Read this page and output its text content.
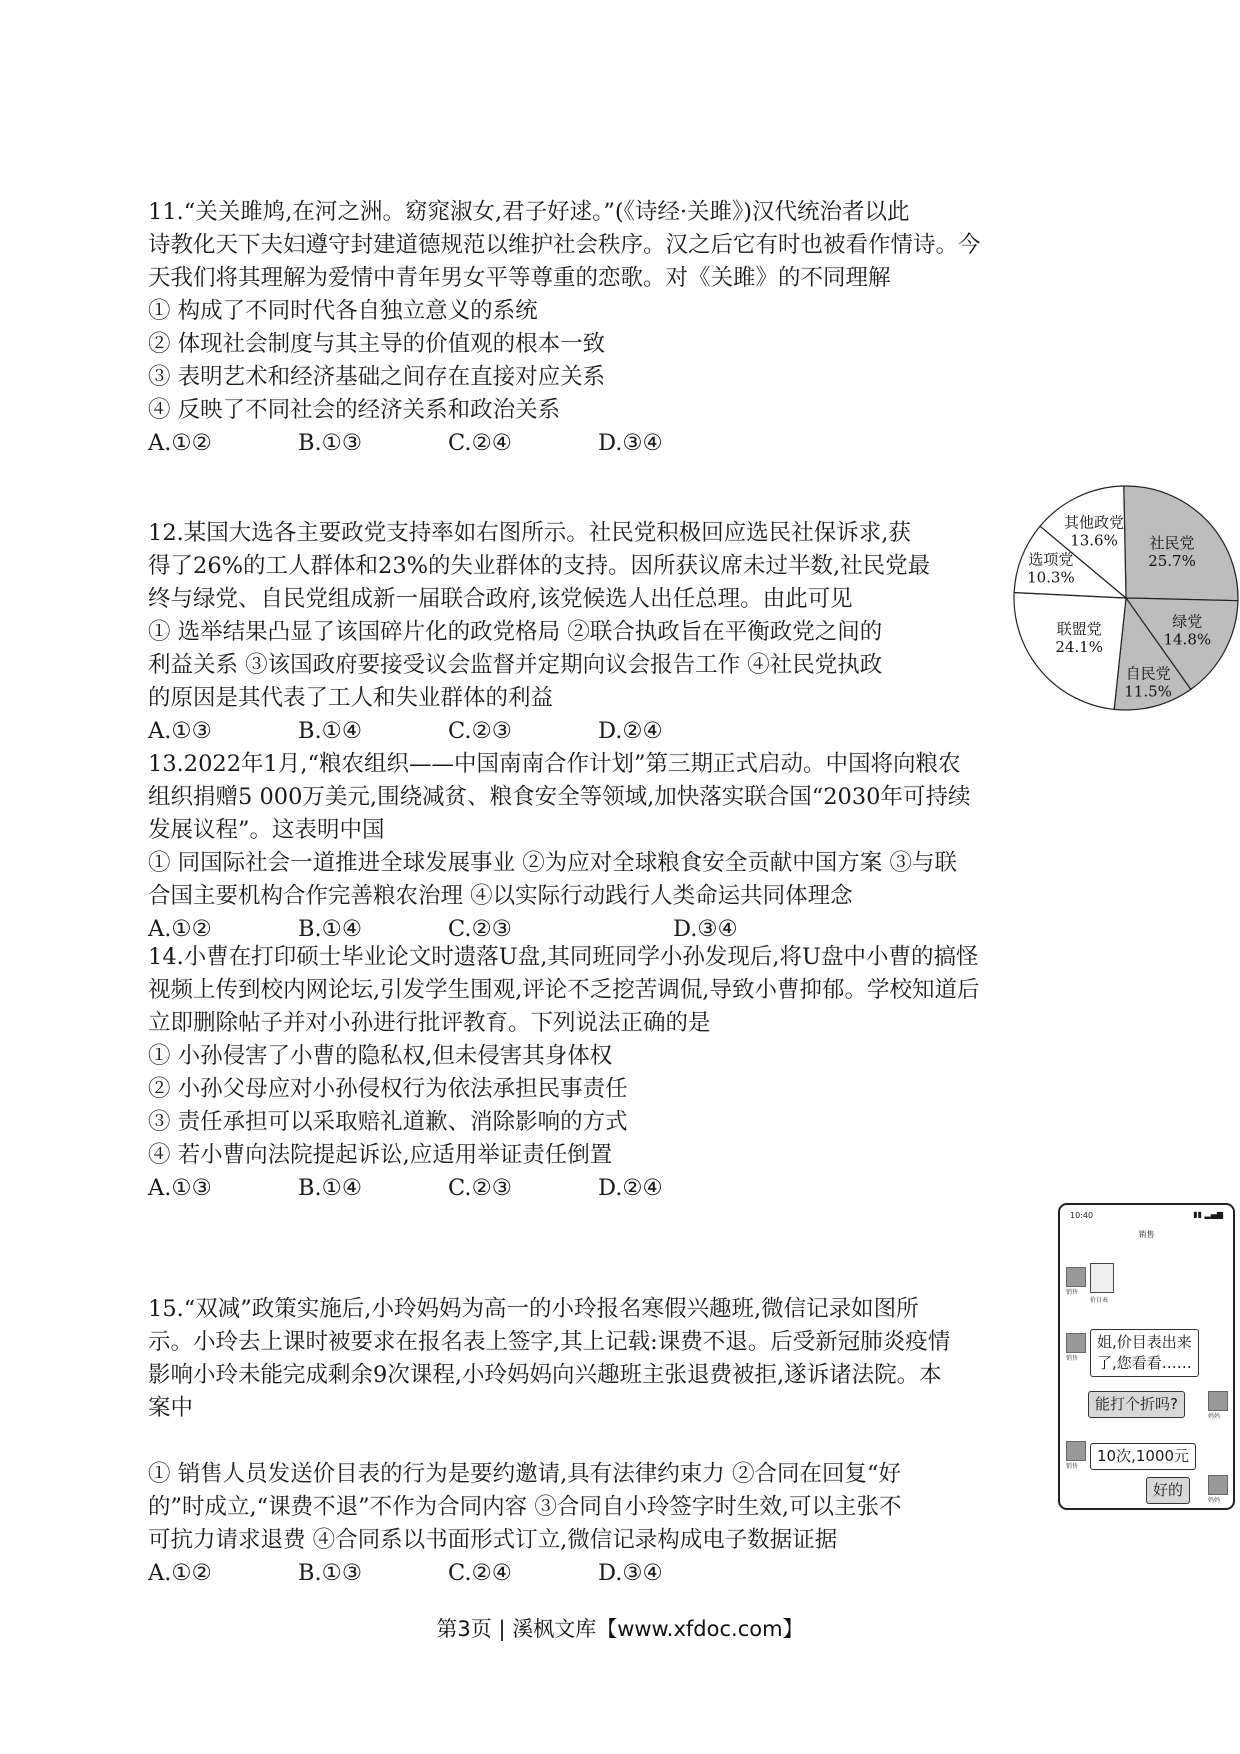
11.“关关雎鸠,在河之洲。窈窕淑女,君子好逑。”(《诗经·关雎》)汉代统治者以此

诗教化天下夫妇遵守封建道德规范以维护社会秩序。汉之后它有时也被看作情诗。今

天我们将其理解为爱情中青年男女平等尊重的恋歌。对《关雎》的不同理解

① 构成了不同时代各自独立意义的系统

② 体现社会制度与其主导的价值观的根本一致

③ 表明艺术和经济基础之间存在直接对应关系

④ 反映了不同社会的经济关系和政治关系

A.①②	B.①③	C.②④	D.③④

12.某国大选各主要政党支持率如右图所示。社民党积极回应选民社保诉求,获

得了26%的工人群体和23%的失业群体的支持。因所获议席未过半数,社民党最

终与绿党、自民党组成新一届联合政府,该党候选人出任总理。由此可见

① 选举结果凸显了该国碎片化的政党格局 ②联合执政旨在平衡政党之间的

利益关系 ③该国政府要接受议会监督并定期向议会报告工作 ④社民党执政

的原因是其代表了工人和失业群体的利益

A.①③	B.①④	C.②③	D.②④

社民党
25.7%
绿党
14.8%
自民党
11.5%
联盟党
24.1%
选项党
10.3%
其他政党
13.6%

13.2022年1月,“粮农组织——中国南南合作计划”第三期正式启动。中国将向粮农

组织捐赠5 000万美元,围绕减贫、粮食安全等领域,加快落实联合国“2030年可持续

发展议程”。这表明中国

① 同国际社会一道推进全球发展事业 ②为应对全球粮食安全贡献中国方案 ③与联

合国主要机构合作完善粮农治理 ④以实际行动践行人类命运共同体理念

A.①②	B.①④	C.②③	D.③④

14.小曹在打印硕士毕业论文时遗落U盘,其同班同学小孙发现后,将U盘中小曹的搞怪

视频上传到校内网论坛,引发学生围观,评论不乏挖苦调侃,导致小曹抑郁。学校知道后

立即删除帖子并对小孙进行批评教育。下列说法正确的是

① 小孙侵害了小曹的隐私权,但未侵害其身体权

② 小孙父母应对小孙侵权行为依法承担民事责任

③ 责任承担可以采取赔礼道歉、消除影响的方式

④ 若小曹向法院提起诉讼,应适用举证责任倒置

A.①③	B.①④	C.②③	D.②④

15.“双减”政策实施后,小玲妈妈为高一的小玲报名寒假兴趣班,微信记录如图所

示。小玲去上课时被要求在报名表上签字,其上记载:课费不退。后受新冠肺炎疫情

影响小玲未能完成剩余9次课程,小玲妈妈向兴趣班主张退费被拒,遂诉诸法院。本

案中

① 销售人员发送价目表的行为是要约邀请,具有法律约束力 ②合同在回复“好

的”时成立,“课费不退”不作为合同内容 ③合同自小玲签字时生效,可以主张不

可抗力请求退费 ④合同系以书面形式订立,微信记录构成电子数据证据

A.①②	B.①③	C.②④	D.③④

10:40	▮▮ ▂▄▆
销售
销售
价目表
销售
姐,价目表出来
了,您看看……
能打个折吗?
妈妈
销售
10次,1000元
好的
妈妈
第3页 | 溪枫文库【www.xfdoc.com】
